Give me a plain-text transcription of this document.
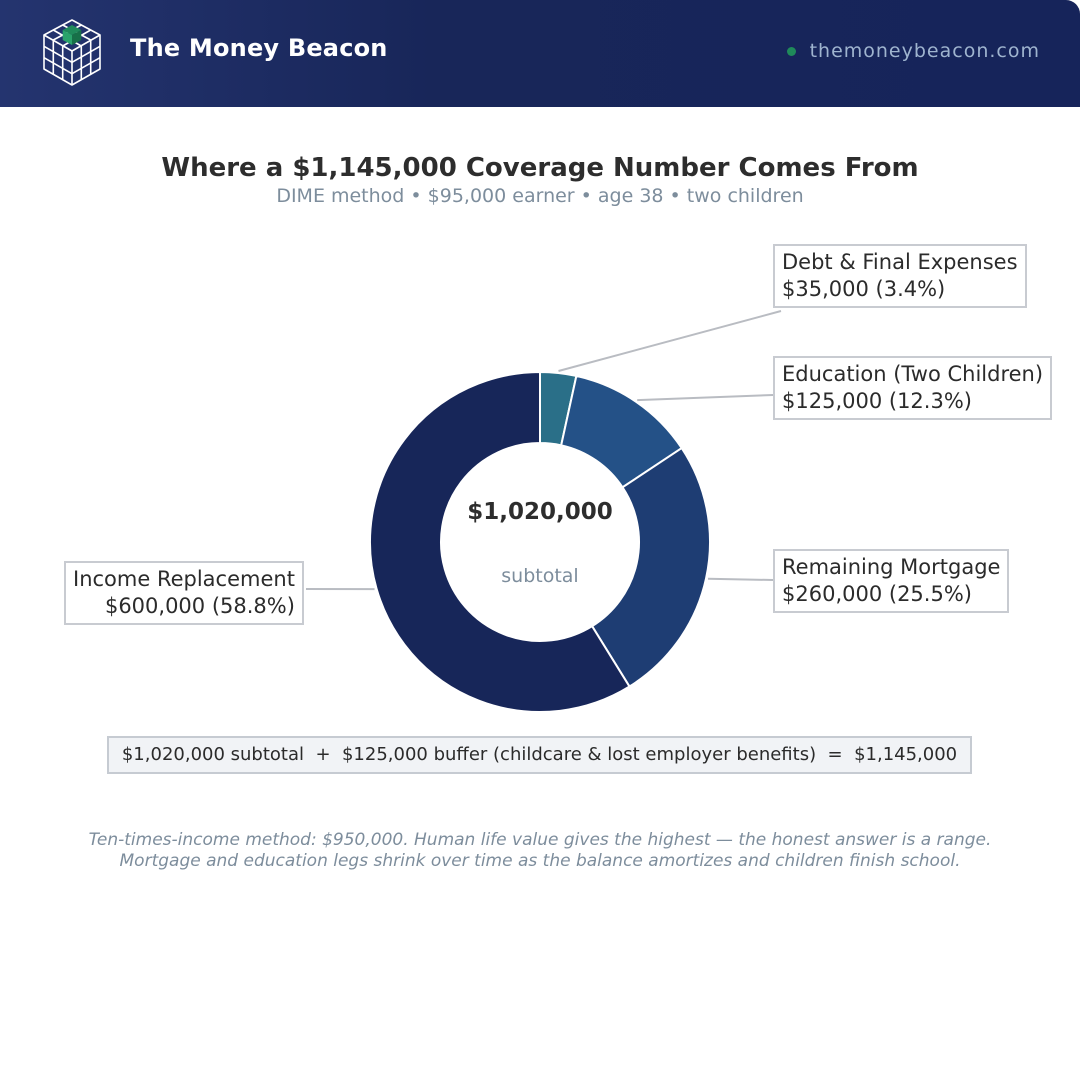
The Money Beacon	themoneybeacon.com
Where a $1,145,000 Coverage Number Comes From
DIME method • $95,000 earner • age 38 • two children
$1,020,000
subtotal
Debt & Final Expenses
$35,000 (3.4%)
Education (Two Children)
$125,000 (12.3%)
Remaining Mortgage
$260,000 (25.5%)
Income Replacement
$600,000 (58.8%)
$1,020,000 subtotal  +  $125,000 buffer (childcare & lost employer benefits)  =  $1,145,000
Ten-times-income method: $950,000. Human life value gives the highest — the honest answer is a range.
Mortgage and education legs shrink over time as the balance amortizes and children finish school.
